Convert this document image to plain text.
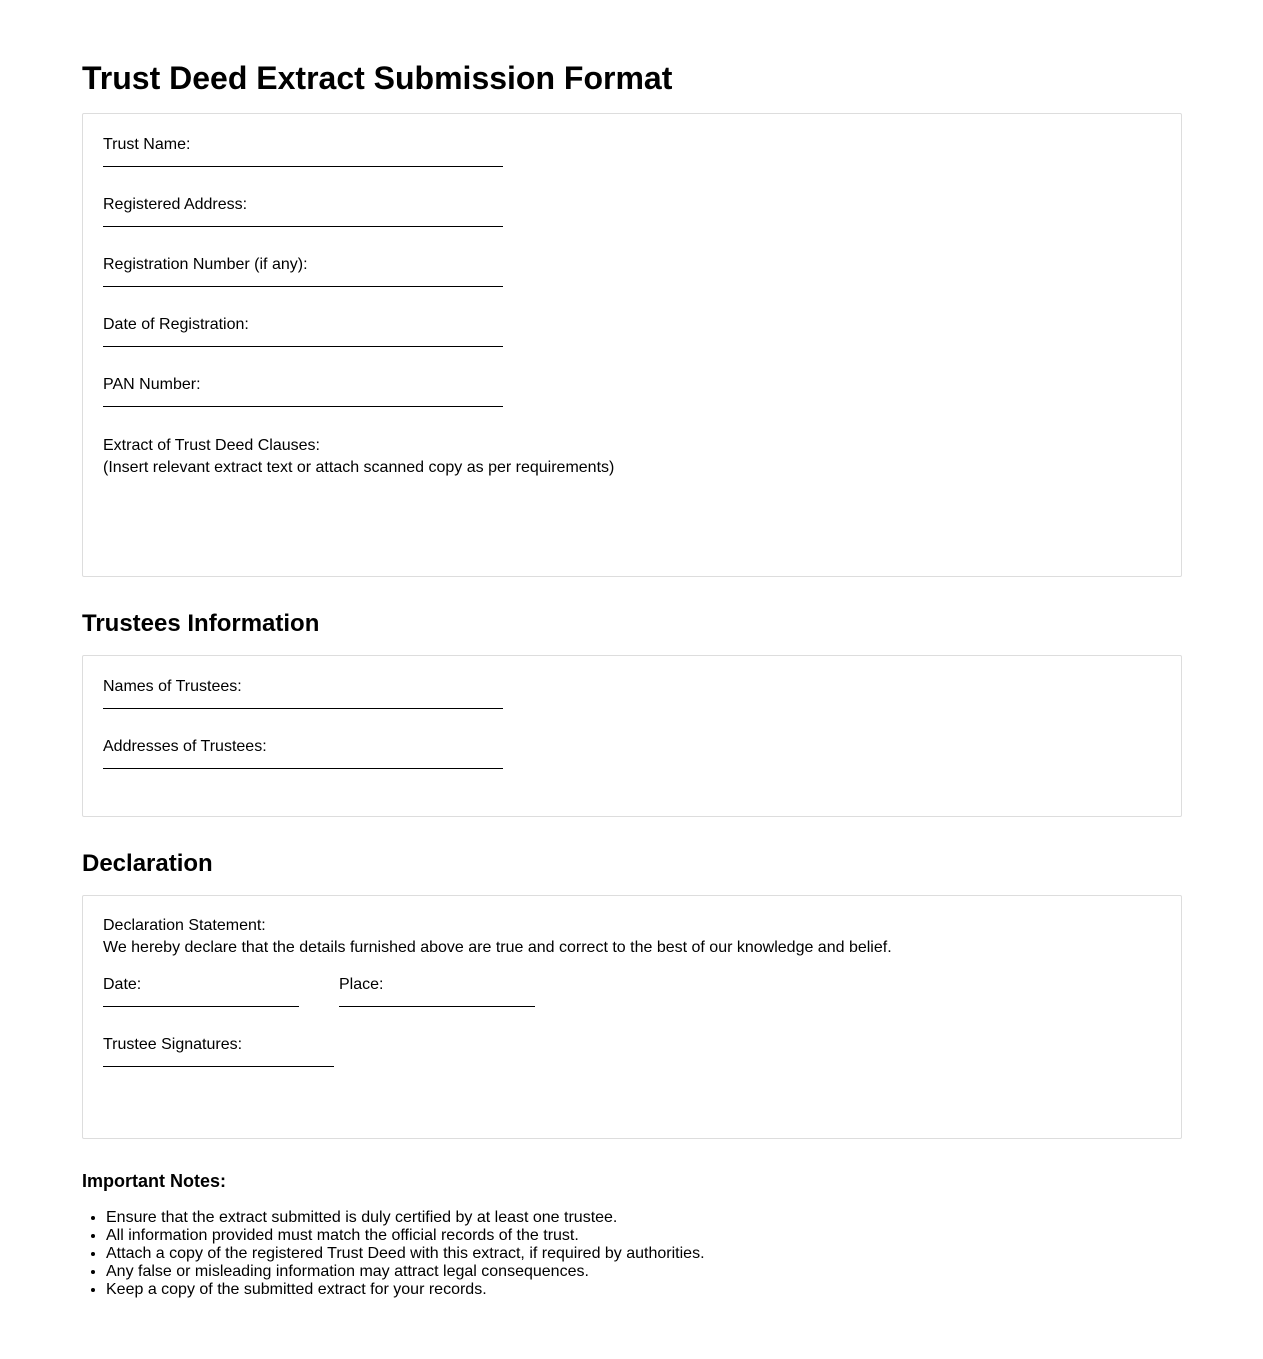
Trust Deed Extract Submission Format
Trust Name:
Registered Address:
Registration Number (if any):
Date of Registration:
PAN Number:
Extract of Trust Deed Clauses:
(Insert relevant extract text or attach scanned copy as per requirements)
Trustees Information
Names of Trustees:
Addresses of Trustees:
Declaration
Declaration Statement:
We hereby declare that the details furnished above are true and correct to the best of our knowledge and belief.
Date:	Place:
Trustee Signatures:
Important Notes:
• Ensure that the extract submitted is duly certified by at least one trustee.
• All information provided must match the official records of the trust.
• Attach a copy of the registered Trust Deed with this extract, if required by authorities.
• Any false or misleading information may attract legal consequences.
• Keep a copy of the submitted extract for your records.
